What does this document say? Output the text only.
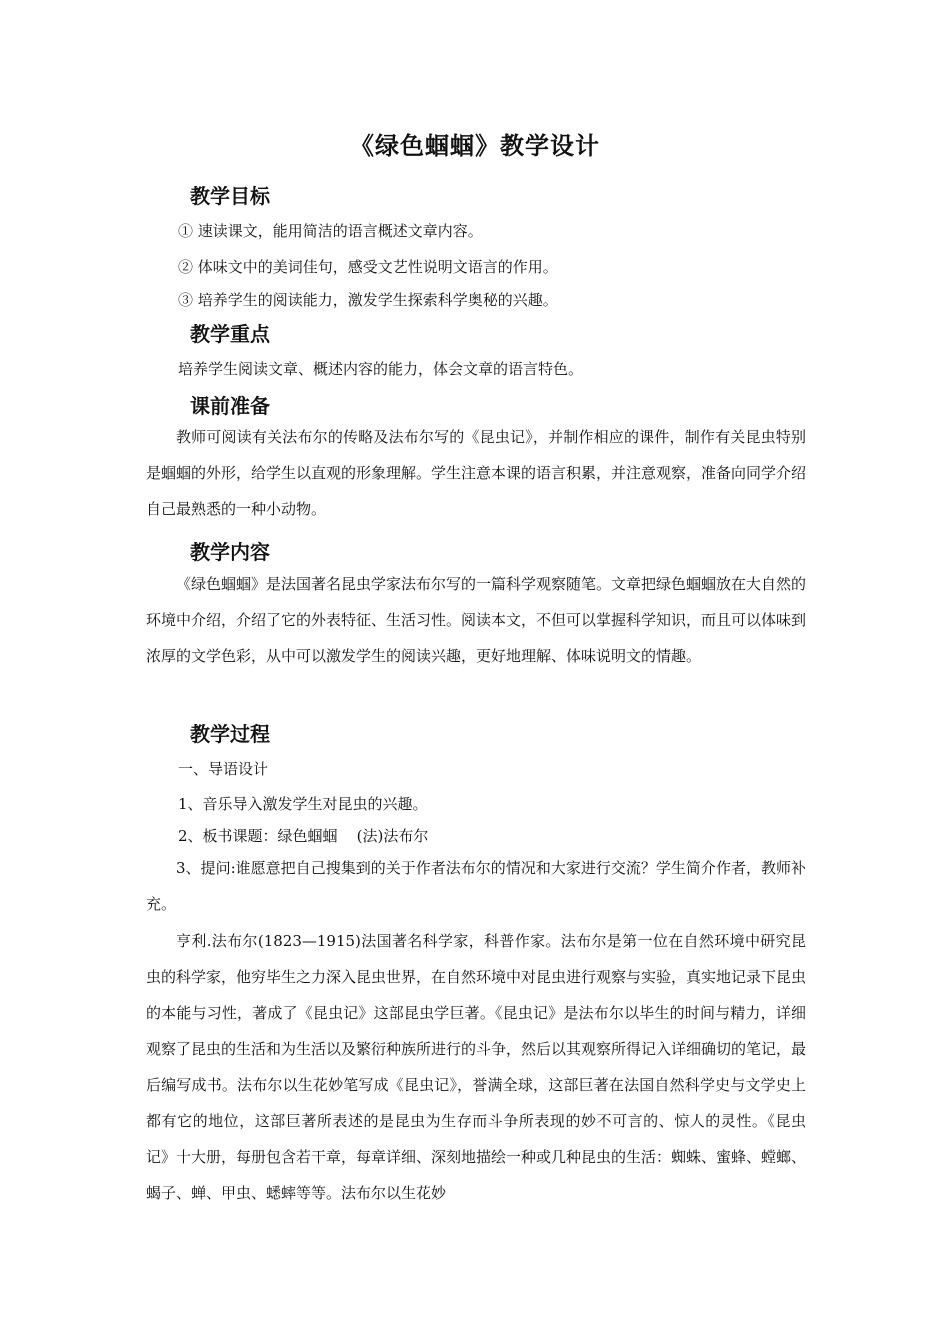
《绿色蝈蝈》教学设计
教学目标
① 速读课文，能用简洁的语言概述文章内容。
② 体味文中的美词佳句，感受文艺性说明文语言的作用。
③ 培养学生的阅读能力，激发学生探索科学奥秘的兴趣。
教学重点
培养学生阅读文章、概述内容的能力，体会文章的语言特色。
课前准备

教师可阅读有关法布尔的传略及法布尔写的《昆虫记》，并制作相应的课件，制作有关昆虫特别是蝈蝈的外形，给学生以直观的形象理解。学生注意本课的语言积累，并注意观察，准备向同学介绍自己最熟悉的一种小动物。

教学内容

《绿色蝈蝈》是法国著名昆虫学家法布尔写的一篇科学观察随笔。文章把绿色蝈蝈放在大自然的环境中介绍，介绍了它的外表特征、生活习性。阅读本文，不但可以掌握科学知识，而且可以体味到浓厚的文学色彩，从中可以激发学生的阅读兴趣，更好地理解、体味说明文的情趣。

教学过程
一、导语设计
1、音乐导入激发学生对昆虫的兴趣。
2、板书课题：绿色蝈蝈    (法)法布尔

3、提问:谁愿意把自己搜集到的关于作者法布尔的情况和大家进行交流？学生简介作者，教师补充。

亨利.法布尔(1823—1915)法国著名科学家，科普作家。法布尔是第一位在自然环境中研究昆虫的科学家，他穷毕生之力深入昆虫世界，在自然环境中对昆虫进行观察与实验，真实地记录下昆虫的本能与习性，著成了《昆虫记》这部昆虫学巨著。《昆虫记》是法布尔以毕生的时间与精力，详细观察了昆虫的生活和为生活以及繁衍种族所进行的斗争，然后以其观察所得记入详细确切的笔记，最后编写成书。法布尔以生花妙笔写成《昆虫记》，誉满全球，这部巨著在法国自然科学史与文学史上都有它的地位，这部巨著所表述的是昆虫为生存而斗争所表现的妙不可言的、惊人的灵性。《昆虫记》十大册，每册包含若干章，每章详细、深刻地描绘一种或几种昆虫的生活：蜘蛛、蜜蜂、螳螂、蝎子、蝉、甲虫、蟋蟀等等。法布尔以生花妙
